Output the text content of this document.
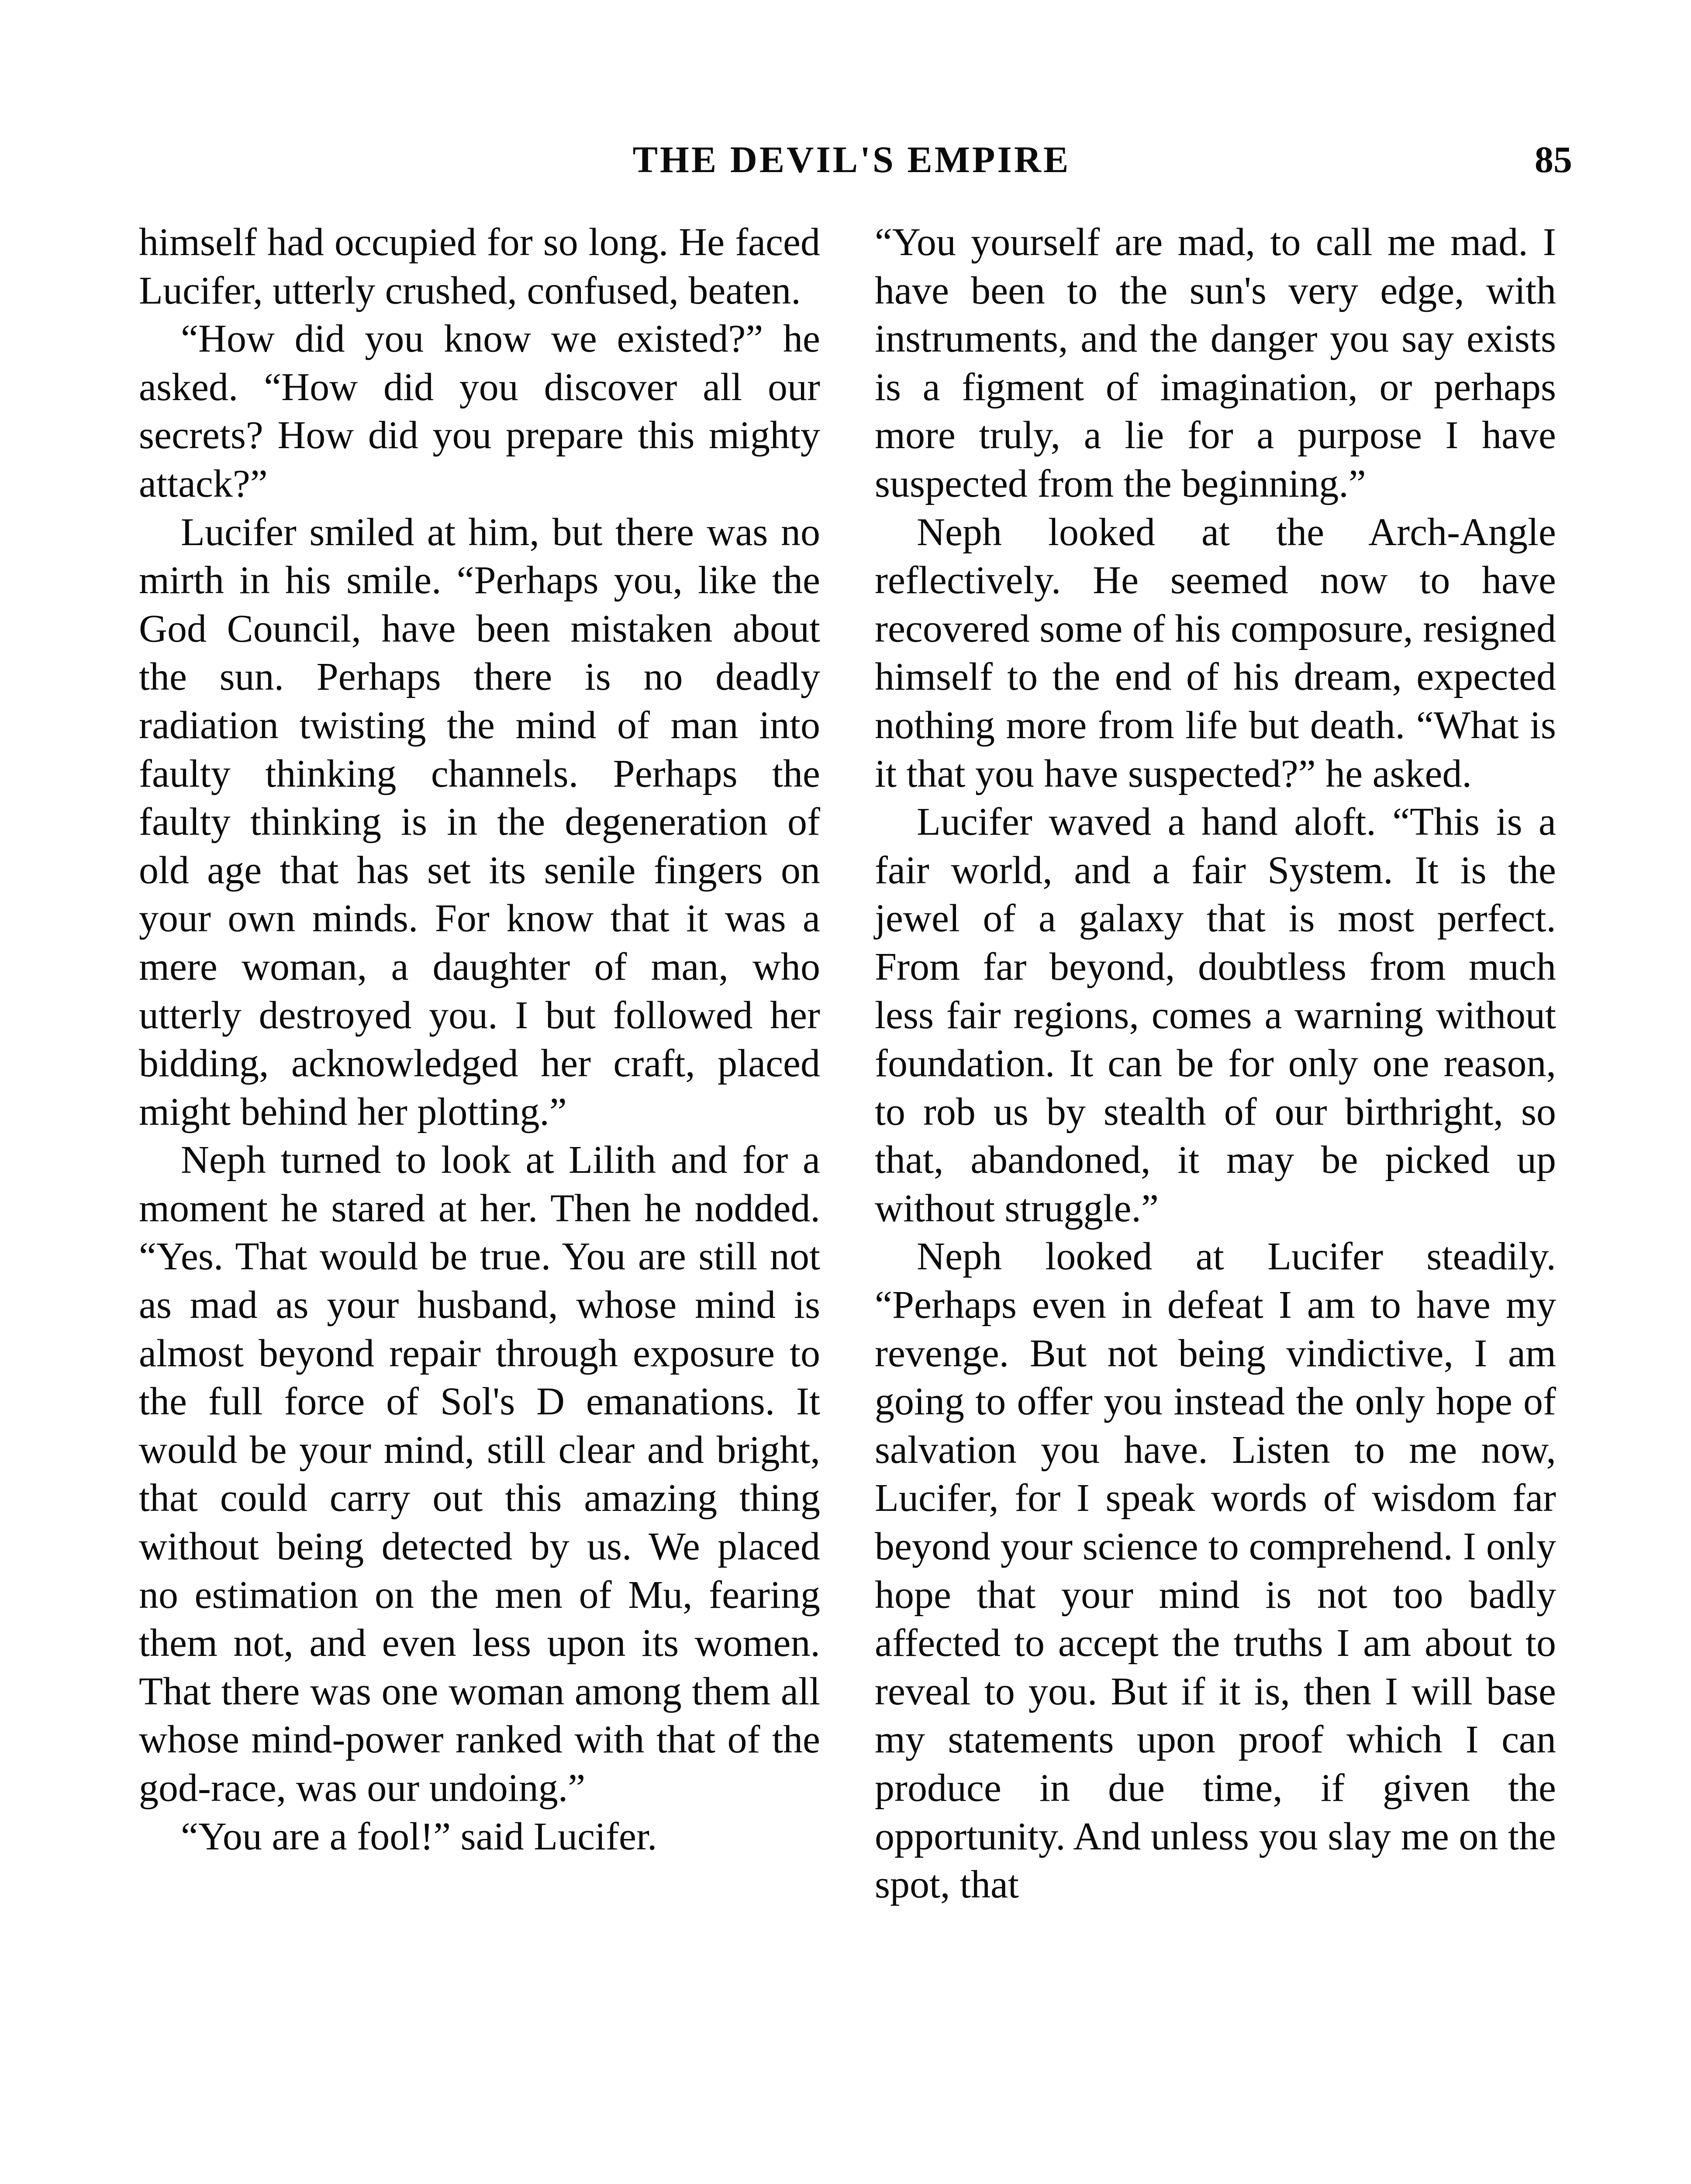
THE DEVIL'S EMPIRE	85

himself had occupied for so long. He faced Lucifer, utterly crushed, confused, beaten.

“How did you know we existed?” he asked. “How did you discover all our secrets? How did you prepare this mighty attack?”

Lucifer smiled at him, but there was no mirth in his smile. “Perhaps you, like the God Council, have been mistaken about the sun. Perhaps there is no deadly radiation twisting the mind of man into faulty thinking channels. Perhaps the faulty thinking is in the degeneration of old age that has set its senile fingers on your own minds. For know that it was a mere woman, a daughter of man, who utterly destroyed you. I but followed her bidding, acknowledged her craft, placed might behind her plotting.”

Neph turned to look at Lilith and for a moment he stared at her. Then he nodded. “Yes. That would be true. You are still not as mad as your husband, whose mind is almost beyond repair through exposure to the full force of Sol's D emanations. It would be your mind, still clear and bright, that could carry out this amazing thing without being detected by us. We placed no estimation on the men of Mu, fearing them not, and even less upon its women. That there was one woman among them all whose mind-power ranked with that of the god-race, was our undoing.”

“You are a fool!” said Lucifer.

“You yourself are mad, to call me mad. I have been to the sun's very edge, with instruments, and the danger you say exists is a figment of imagination, or perhaps more truly, a lie for a purpose I have suspected from the beginning.”

Neph looked at the Arch-Angle reflectively. He seemed now to have recovered some of his composure, resigned himself to the end of his dream, expected nothing more from life but death. “What is it that you have suspected?” he asked.

Lucifer waved a hand aloft. “This is a fair world, and a fair System. It is the jewel of a galaxy that is most perfect. From far beyond, doubtless from much less fair regions, comes a warning without foundation. It can be for only one reason, to rob us by stealth of our birthright, so that, abandoned, it may be picked up without struggle.”

Neph looked at Lucifer steadily. “Perhaps even in defeat I am to have my revenge. But not being vindictive, I am going to offer you instead the only hope of salvation you have. Listen to me now, Lucifer, for I speak words of wisdom far beyond your science to comprehend. I only hope that your mind is not too badly affected to accept the truths I am about to reveal to you. But if it is, then I will base my statements upon proof which I can produce in due time, if given the opportunity. And unless you slay me on the spot, that
